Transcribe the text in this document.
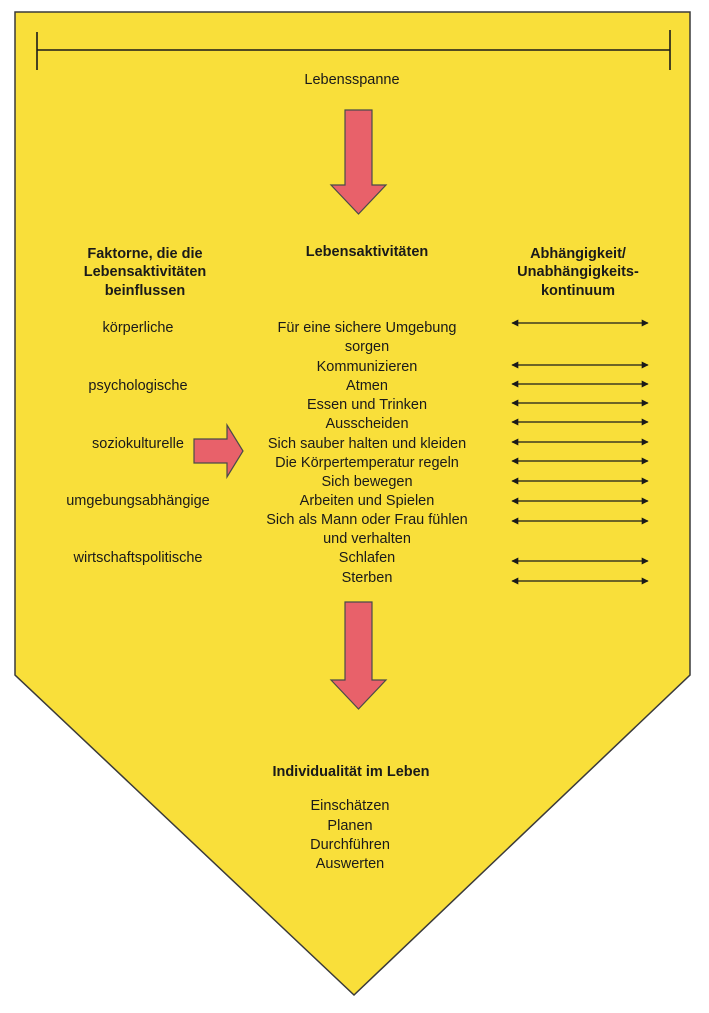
Lebensspanne
Faktorne, die die
Lebensaktivitäten
beinflussen
Lebensaktivitäten	Abhängigkeit/
Unabhängigkeits-
kontinuum
körperliche
psychologische
soziokulturelle
umgebungsabhängige
wirtschaftspolitische
Für eine sichere Umgebung
sorgen
Kommunizieren
Atmen
Essen und Trinken
Ausscheiden
Sich sauber halten und kleiden
Die Körpertemperatur regeln
Sich bewegen
Arbeiten und Spielen
Sich als Mann oder Frau fühlen
und verhalten
Schlafen
Sterben
Individualität im Leben
Einschätzen
Planen
Durchführen
Auswerten
